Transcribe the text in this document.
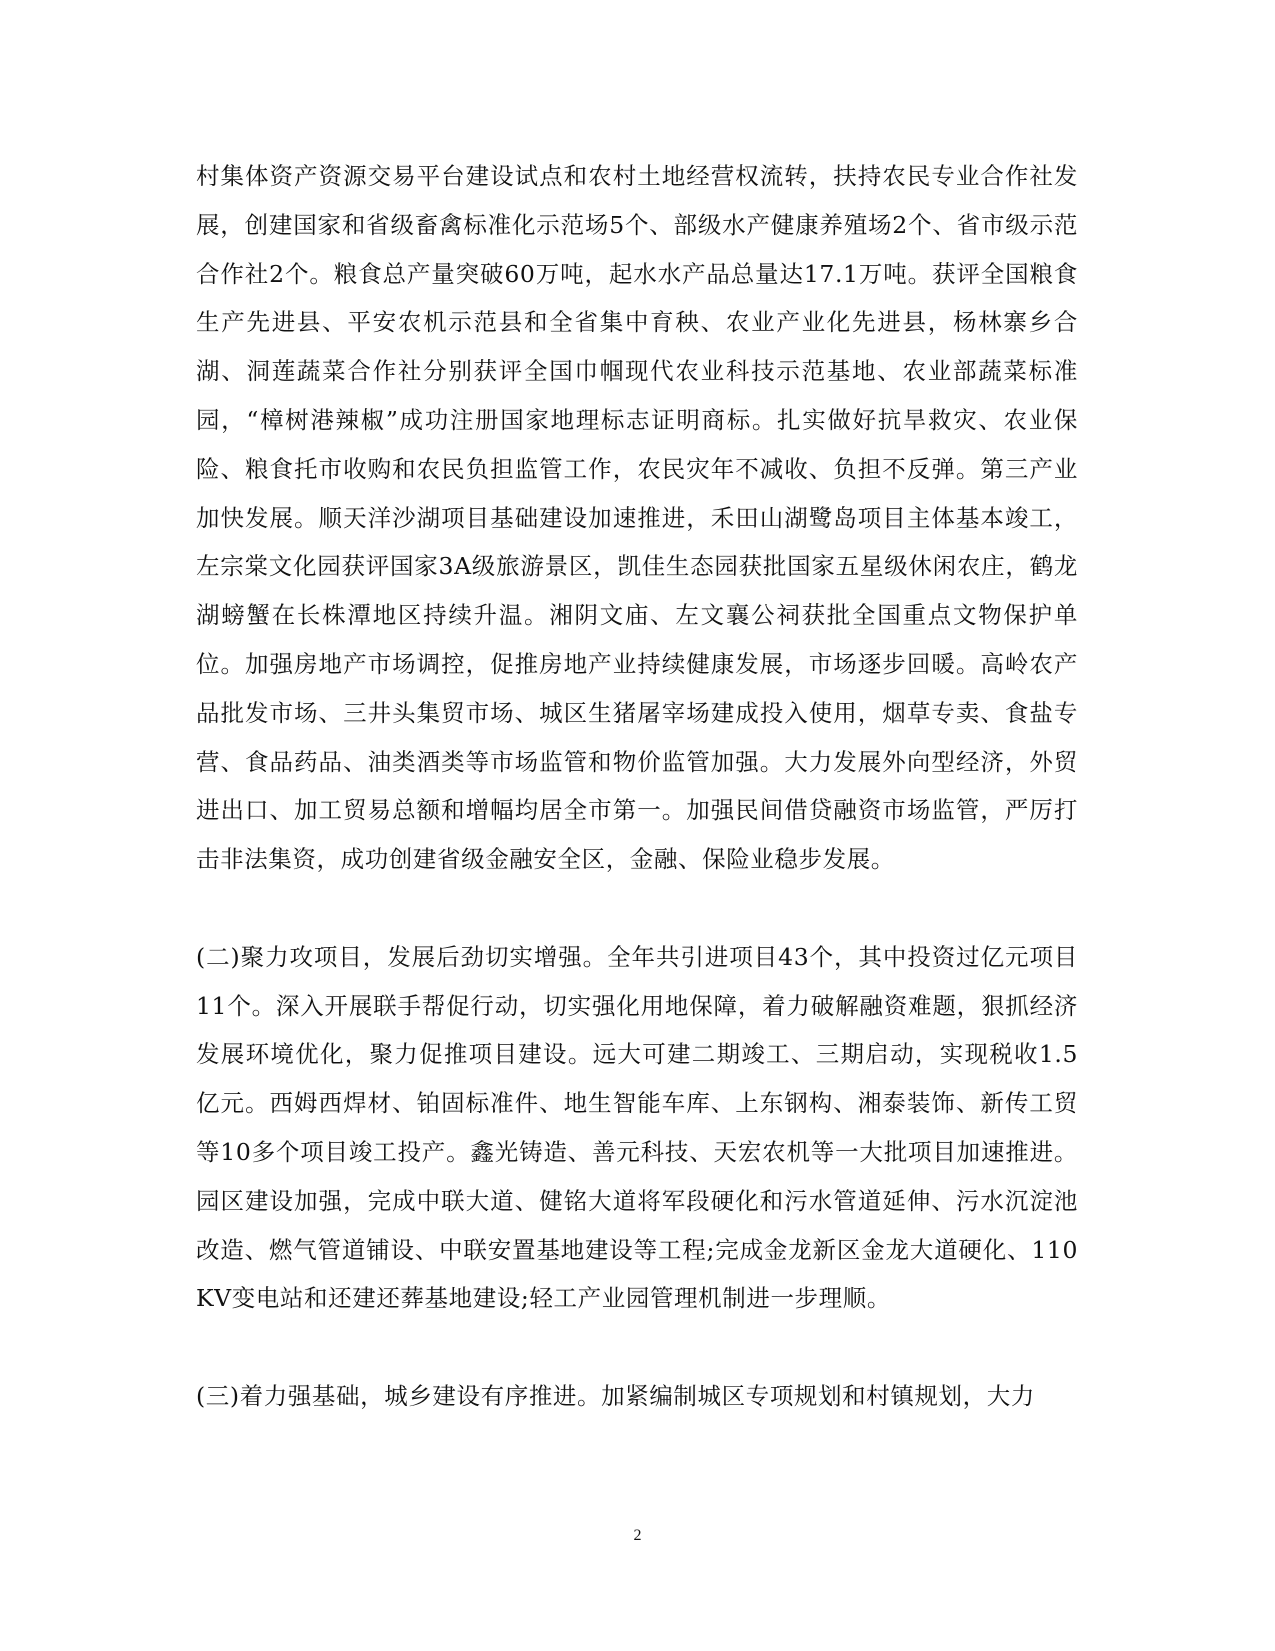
村集体资产资源交易平台建设试点和农村土地经营权流转，扶持农民专业合作社发展，创建国家和省级畜禽标准化示范场5个、部级水产健康养殖场2个、省市级示范合作社2个。粮食总产量突破60万吨，起水水产品总量达17.1万吨。获评全国粮食生产先进县、平安农机示范县和全省集中育秧、农业产业化先进县，杨林寨乡合湖、洞莲蔬菜合作社分别获评全国巾帼现代农业科技示范基地、农业部蔬菜标准园，“樟树港辣椒”成功注册国家地理标志证明商标。扎实做好抗旱救灾、农业保险、粮食托市收购和农民负担监管工作，农民灾年不减收、负担不反弹。第三产业加快发展。顺天洋沙湖项目基础建设加速推进，禾田山湖鹭岛项目主体基本竣工，左宗棠文化园获评国家3A级旅游景区，凯佳生态园获批国家五星级休闲农庄，鹤龙湖螃蟹在长株潭地区持续升温。湘阴文庙、左文襄公祠获批全国重点文物保护单位。加强房地产市场调控，促推房地产业持续健康发展，市场逐步回暖。高岭农产品批发市场、三井头集贸市场、城区生猪屠宰场建成投入使用，烟草专卖、食盐专营、食品药品、油类酒类等市场监管和物价监管加强。大力发展外向型经济，外贸进出口、加工贸易总额和增幅均居全市第一。加强民间借贷融资市场监管，严厉打击非法集资，成功创建省级金融安全区，金融、保险业稳步发展。

(二)聚力攻项目，发展后劲切实增强。全年共引进项目43个，其中投资过亿元项目11个。深入开展联手帮促行动，切实强化用地保障，着力破解融资难题，狠抓经济发展环境优化，聚力促推项目建设。远大可建二期竣工、三期启动，实现税收1.5亿元。西姆西焊材、铂固标准件、地生智能车库、上东钢构、湘泰装饰、新传工贸等10多个项目竣工投产。鑫光铸造、善元科技、天宏农机等一大批项目加速推进。园区建设加强，完成中联大道、健铭大道将军段硬化和污水管道延伸、污水沉淀池改造、燃气管道铺设、中联安置基地建设等工程;完成金龙新区金龙大道硬化、110KV变电站和还建还葬基地建设;轻工产业园管理机制进一步理顺。

(三)着力强基础，城乡建设有序推进。加紧编制城区专项规划和村镇规划，大力

2
